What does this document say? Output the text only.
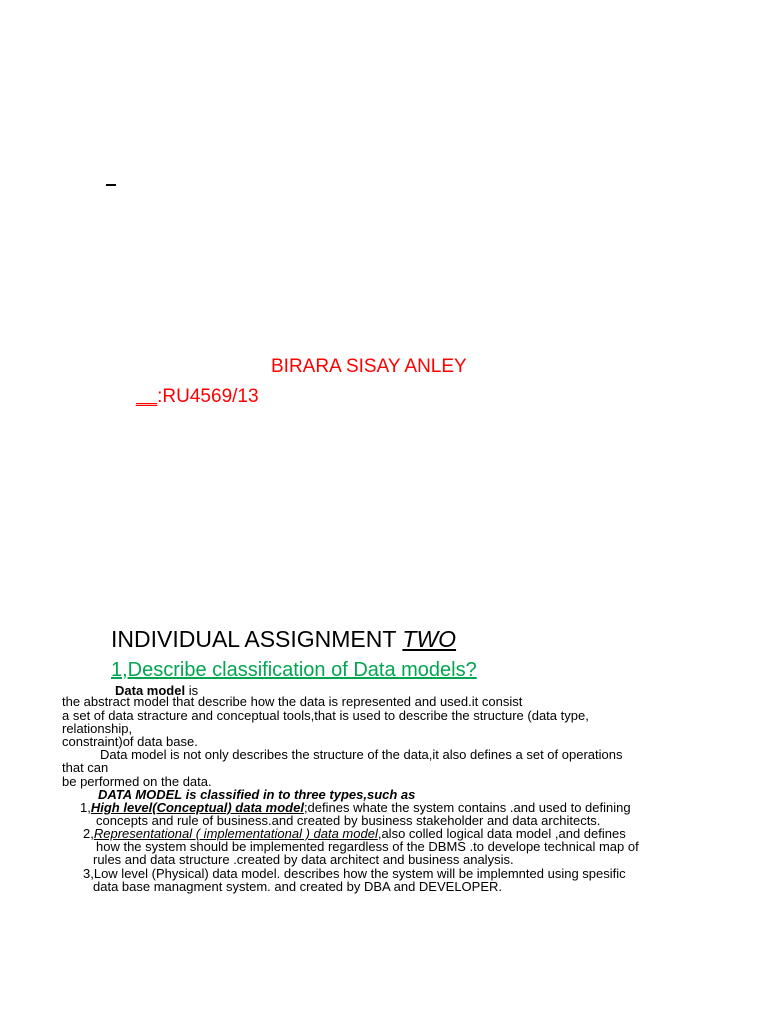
BIRARA SISAY ANLEY
__:RU4569/13
INDIVIDUAL ASSIGNMENT TWO
1,Describe classification of Data models?
Data model is
the abstract model that describe how the data is represented and used.it consist
a set of data stracture and conceptual tools,that is used to describe the structure (data type,
relationship,
constraint)of data base.
Data model is not only describes the structure of the data,it also defines a set of operations
that can
be performed on the data.
DATA MODEL is classified in to three types,such as
1,High level(Conceptual) data model;defines whate the system contains .and used to defining
concepts and rule of business.and created by business stakeholder and data architects.
2,Representational ( implementational ) data model,also colled logical data model ,and defines
how the system should be implemented regardless of the DBMS .to develope technical map of
rules and data structure .created by data architect and business analysis.
3,Low level (Physical) data model. describes how the system will be implemnted using spesific
data base managment system. and created by DBA and DEVELOPER.
